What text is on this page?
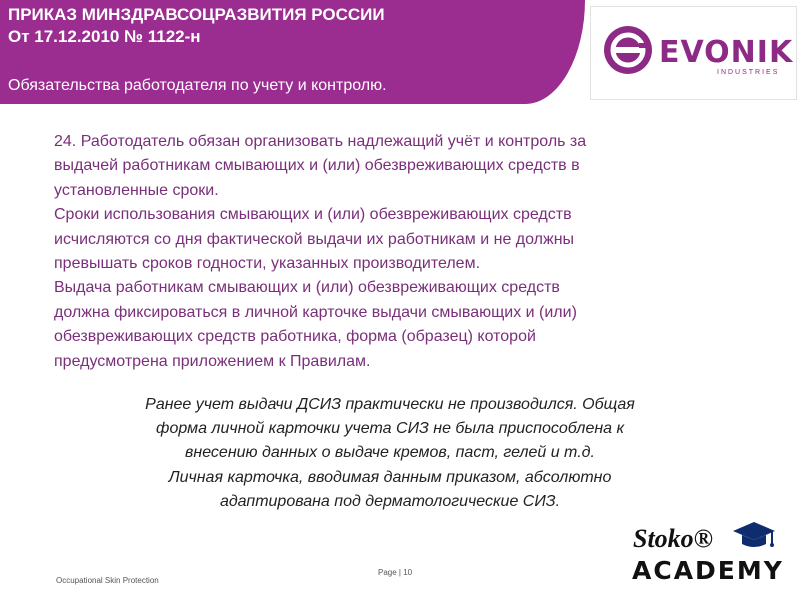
ПРИКАЗ МИНЗДРАВСОЦРАЗВИТИЯ РОССИИ
От 17.12.2010 № 1122-н
Обязательства работодателя по учету и контролю.
EVONIK
INDUSTRIES

24. Работодатель обязан организовать надлежащий учёт и контроль за

выдачей работникам смывающих и (или) обезвреживающих средств в

установленные сроки.

Сроки использования смывающих и (или) обезвреживающих средств

исчисляются со дня фактической выдачи их работникам и не должны

превышать сроков годности, указанных производителем.

Выдача работникам смывающих и (или) обезвреживающих средств

должна фиксироваться в личной карточке выдачи смывающих и (или)

обезвреживающих средств работника, форма (образец) которой

предусмотрена приложением к Правилам.

Ранее учет выдачи ДСИЗ практически не производился. Общая

форма личной карточки учета СИЗ не была приспособлена к

внесению данных о выдаче кремов, паст, гелей и т.д.

Личная карточка, вводимая данным приказом, абсолютно

адаптирована под дерматологические СИЗ.

Occupational Skin Protection
Page | 10
Stoko®
ACADEMY
